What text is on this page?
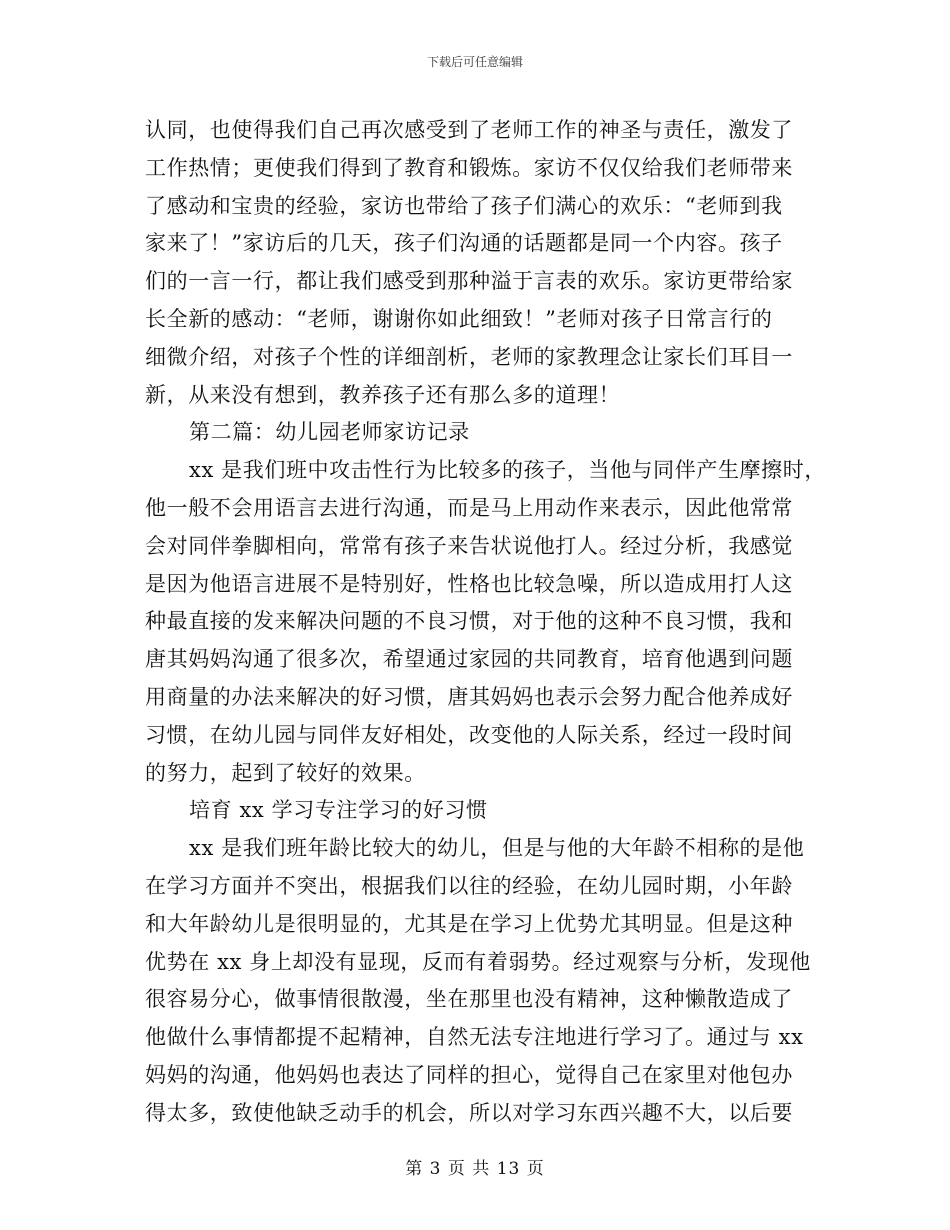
下载后可任意编辑
认同，也使得我们自己再次感受到了老师工作的神圣与责任，激发了
工作热情；更使我们得到了教育和锻炼。家访不仅仅给我们老师带来
了感动和宝贵的经验，家访也带给了孩子们满心的欢乐：“老师到我
家来了！”家访后的几天，孩子们沟通的话题都是同一个内容。孩子
们的一言一行，都让我们感受到那种溢于言表的欢乐。家访更带给家
长全新的感动：“老师，谢谢你如此细致！”老师对孩子日常言行的
细微介绍，对孩子个性的详细剖析，老师的家教理念让家长们耳目一
新，从来没有想到，教养孩子还有那么多的道理！
第二篇：幼儿园老师家访记录
xx 是我们班中攻击性行为比较多的孩子，当他与同伴产生摩擦时，
他一般不会用语言去进行沟通，而是马上用动作来表示，因此他常常
会对同伴拳脚相向，常常有孩子来告状说他打人。经过分析，我感觉
是因为他语言进展不是特别好，性格也比较急噪，所以造成用打人这
种最直接的发来解决问题的不良习惯，对于他的这种不良习惯，我和
唐其妈妈沟通了很多次，希望通过家园的共同教育，培育他遇到问题
用商量的办法来解决的好习惯，唐其妈妈也表示会努力配合他养成好
习惯，在幼儿园与同伴友好相处，改变他的人际关系，经过一段时间
的努力，起到了较好的效果。
培育 xx 学习专注学习的好习惯
xx 是我们班年龄比较大的幼儿，但是与他的大年龄不相称的是他
在学习方面并不突出，根据我们以往的经验，在幼儿园时期，小年龄
和大年龄幼儿是很明显的，尤其是在学习上优势尤其明显。但是这种
优势在 xx 身上却没有显现，反而有着弱势。经过观察与分析，发现他
很容易分心，做事情很散漫，坐在那里也没有精神，这种懒散造成了
他做什么事情都提不起精神，自然无法专注地进行学习了。通过与 xx
妈妈的沟通，他妈妈也表达了同样的担心，觉得自己在家里对他包办
得太多，致使他缺乏动手的机会，所以对学习东西兴趣不大，以后要
第 3 页 共 13 页
